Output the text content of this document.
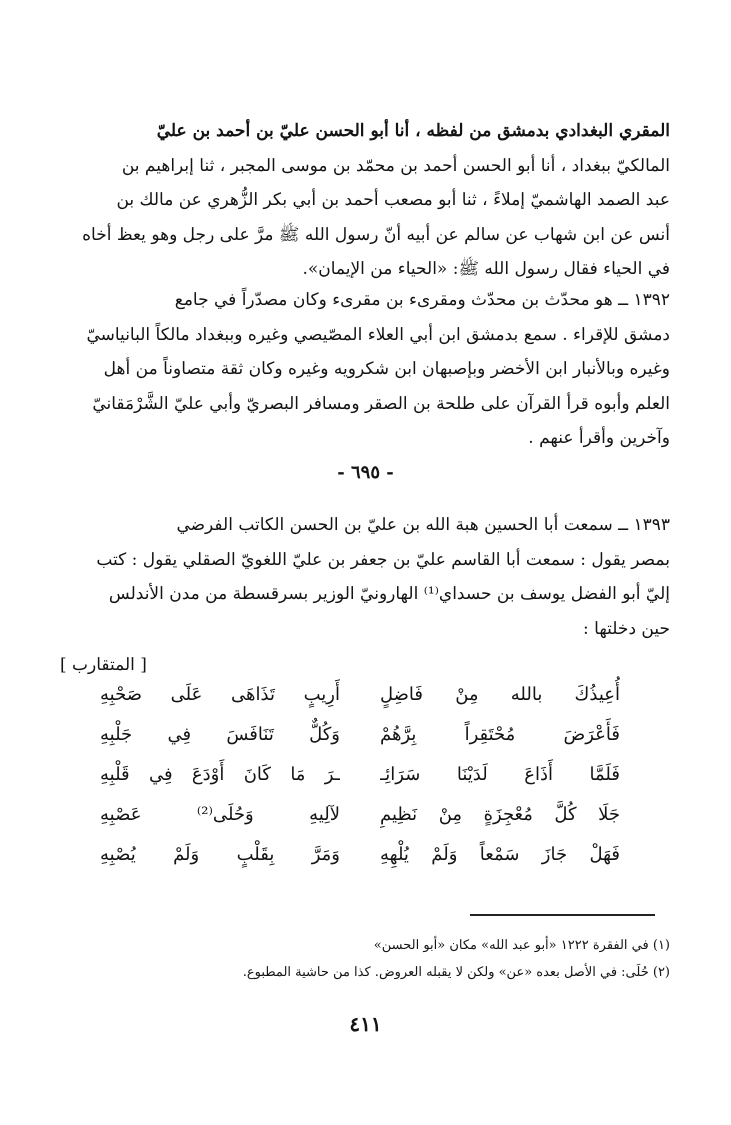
المقري البغدادي بدمشق من لفظه ، أنا أبو الحسن عليّ بن أحمد بن عليّ
المالكيّ ببغداد ، أنا أبو الحسن أحمد بن محمّد بن موسى المجبر ، ثنا إبراهيم بن
عبد الصمد الهاشميّ إملاءً ، ثنا أبو مصعب أحمد بن أبي بكر الزُّهري عن مالك بن
أنس عن ابن شهاب عن سالم عن أبيه أنّ رسول الله ﷺ مرَّ على رجل وهو يعظ أخاه
في الحياء فقال رسول الله ﷺ: «الحياء من الإيمان».
١٣٩٢ ــ هو محدّث بن محدّث ومقرىء بن مقرىء وكان مصدّراً في جامع
دمشق للإقراء . سمع بدمشق ابن أبي العلاء المصّيصي وغيره وببغداد مالكاً البانياسيّ
وغيره وبالأنبار ابن الأخضر وبإصبهان ابن شكرويه وغيره وكان ثقة متصاوناً من أهل
العلم وأبوه قرأ القرآن على طلحة بن الصقر ومسافر البصريّ وأبي عليّ الشَّرْمَقانيّ
وآخرين وأقرأ عنهم .
- ٦٩٥ -
١٣٩٣ ــ سمعت أبا الحسين هبة الله بن عليّ بن الحسن الكاتب الفرضي
بمصر يقول : سمعت أبا القاسم عليّ بن جعفر بن عليّ اللغويّ الصقلي يقول : كتب
إليّ أبو الفضل يوسف بن حسداي⁽¹⁾ الهارونيّ الوزير بسرقسطة من مدن الأندلس
حين دخلتها :
[ المتقارب ]
أُعِيذُكَ بالله مِنْ فَاضِلٍ
أَرِيبٍ تَذَاهَى عَلَى صَحْبِهِ
فَأَعْرَضَ مُحْتَقِراً بِرَّهُمْ
وَكُلٌّ تَنَافَسَ فِي جَلْبِهِ
فَلَمَّا أَذَاعَ لَدَيْنَا سَرَائِـ
ـرَ مَا كَانَ أَوْدَعَ فِي قَلْبِهِ
جَلَا كُلَّ مُعْجِزَةٍ مِنْ نَظِيمِ
لآلِيهِ وَحُلَى⁽²⁾ عَصْبِهِ
فَهَلْ جَازَ سَمْعاً وَلَمْ يُلْهِهِ
وَمَرَّ بِقَلْبٍ وَلَمْ يُصْبِهِ
(١) في الفقرة ١٢٢٢ «أبو عبد الله» مكان «أبو الحسن»
(٢) حُلَى: في الأصل بعده «عن» ولكن لا يقبله العروض. كذا من حاشية المطبوع.
٤١١
